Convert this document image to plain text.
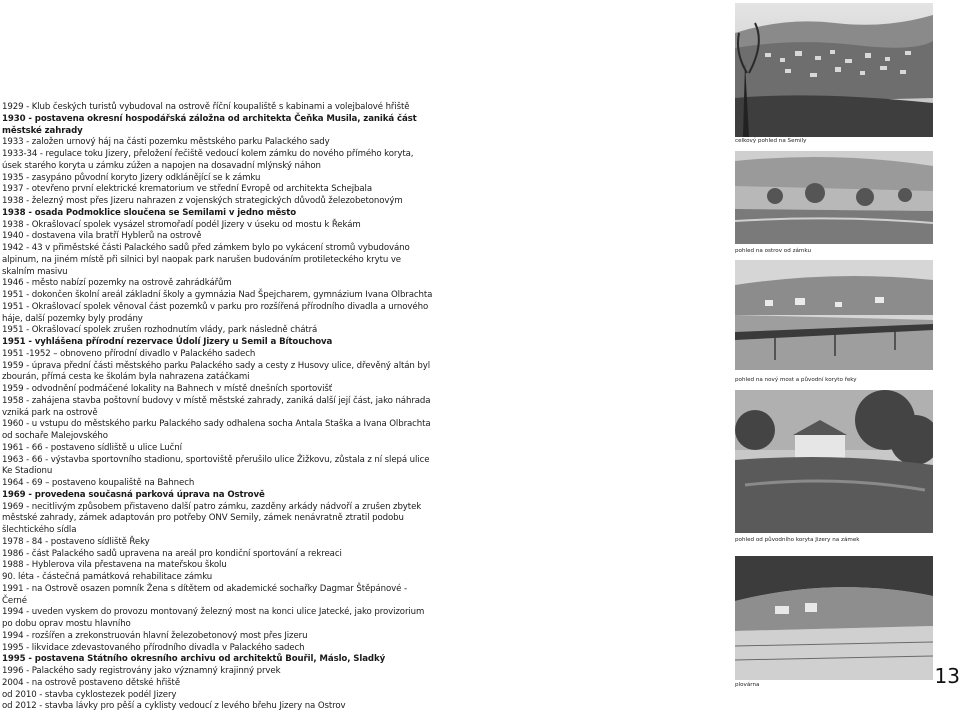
1929 - Klub českých turistů vybudoval na ostrově říční koupaliště s kabinami a volejbalové hřiště

1930 - postavena okresní hospodářská záložna od architekta Čeňka Musila, zaniká část městské zahrady

1933 - založen urnový háj na části pozemku městského parku Palackého sady

1933-34 - regulace toku Jizery, přeložení řečiště vedoucí kolem zámku do nového přímého koryta, úsek starého koryta u zámku zúžen a napojen na dosavadní mlýnský náhon

1935 - zasypáno původní koryto Jizery odklánějící se k zámku

1937 - otevřeno první elektrické krematorium ve střední Evropě od architekta Schejbala

1938 - železný most přes Jizeru nahrazen z vojenských strategických důvodů železobetonovým

1938 - osada Podmoklice sloučena se Semilami v jedno město

1938 - Okrašlovací spolek vysázel stromořadí podél Jizery v úseku od mostu k Řekám

1940 - dostavena vila bratří Hyblerů na ostrově

1942 - 43 v přiměstské části Palackého sadů před zámkem bylo po vykácení stromů vybudováno alpinum, na jiném místě při silnici byl naopak park narušen budováním protileteckého krytu ve skalním masivu

1946 - město nabízí pozemky na ostrově zahrádkářům

1951 - dokončen školní areál základní školy a gymnázia Nad Špejcharem, gymnázium Ivana Olbrachta

1951 - Okrašlovací spolek věnoval část pozemků v parku pro rozšířená přírodního divadla a urnového háje, další pozemky byly prodány

1951 - Okrašlovací spolek zrušen rozhodnutím vlády, park následně chátrá

1951 - vyhlášena přírodní rezervace Údolí Jizery u Semil a Bítouchova

1951 -1952 – obnoveno přírodní divadlo v Palackého sadech

1959 - úprava přední části městského parku Palackého sady a cesty z Husovy ulice, dřevěný altán byl zbourán, přímá cesta ke školám byla nahrazena zatáčkami

1959 - odvodnění podmáčené lokality na Bahnech v místě dnešních sportovišť

1958 - zahájena stavba poštovní budovy v místě městské zahrady, zaniká další její část, jako náhrada vzniká park na ostrově

1960 - u vstupu do městského parku Palackého sady odhalena socha Antala Staška a Ivana Olbrachta od sochaře Malejovského

1961 - 66 - postaveno sídliště u ulice Luční

1963 - 66 - výstavba sportovního stadionu, sportoviště přerušilo ulice Žižkovu, zůstala z ní slepá ulice Ke Stadionu

1964 - 69 – postaveno koupaliště na Bahnech

1969 - provedena současná parková úprava na Ostrově

1969 - necitlivým způsobem přistaveno další patro zámku, zazděny arkády nádvoří a zrušen zbytek městské zahrady, zámek adaptován pro potřeby ONV Semily, zámek nenávratně ztratil podobu šlechtického sídla

1978 - 84 - postaveno sídliště Řeky

1986 - část Palackého sadů upravena na areál pro kondiční sportování a rekreaci

1988 - Hyblerova vila přestavena na mateřskou školu

90. léta - částečná památková rehabilitace zámku

1991 - na Ostrově osazen pomník Žena s dítětem od akademické sochařky Dagmar Štěpánové - Černé

1994 - uveden vyskem do provozu montovaný železný most na konci ulice Jatecké, jako provizorium po dobu oprav mostu hlavního

1994 - rozšířen a zrekonstruován hlavní železobetonový most přes Jizeru

1995 - likvidace zdevastovaného přírodního divadla v Palackého sadech

1995 - postavena Státního okresního archivu od architektů Bouřil, Máslo, Sladký

1996 - Palackého sady registrovány jako významný krajinný prvek

2004 - na ostrově postaveno dětské hřiště

od 2010 - stavba cyklostezek podél Jizery

od 2012 - stavba lávky pro pěší a cyklisty vedoucí z levého břehu Jizery na Ostrov

celkový pohled na Semily
pohled na ostrov od zámku
pohled na nový most a původní koryto řeky
pohled od původního koryta Jizery na zámek
plovárna	13
